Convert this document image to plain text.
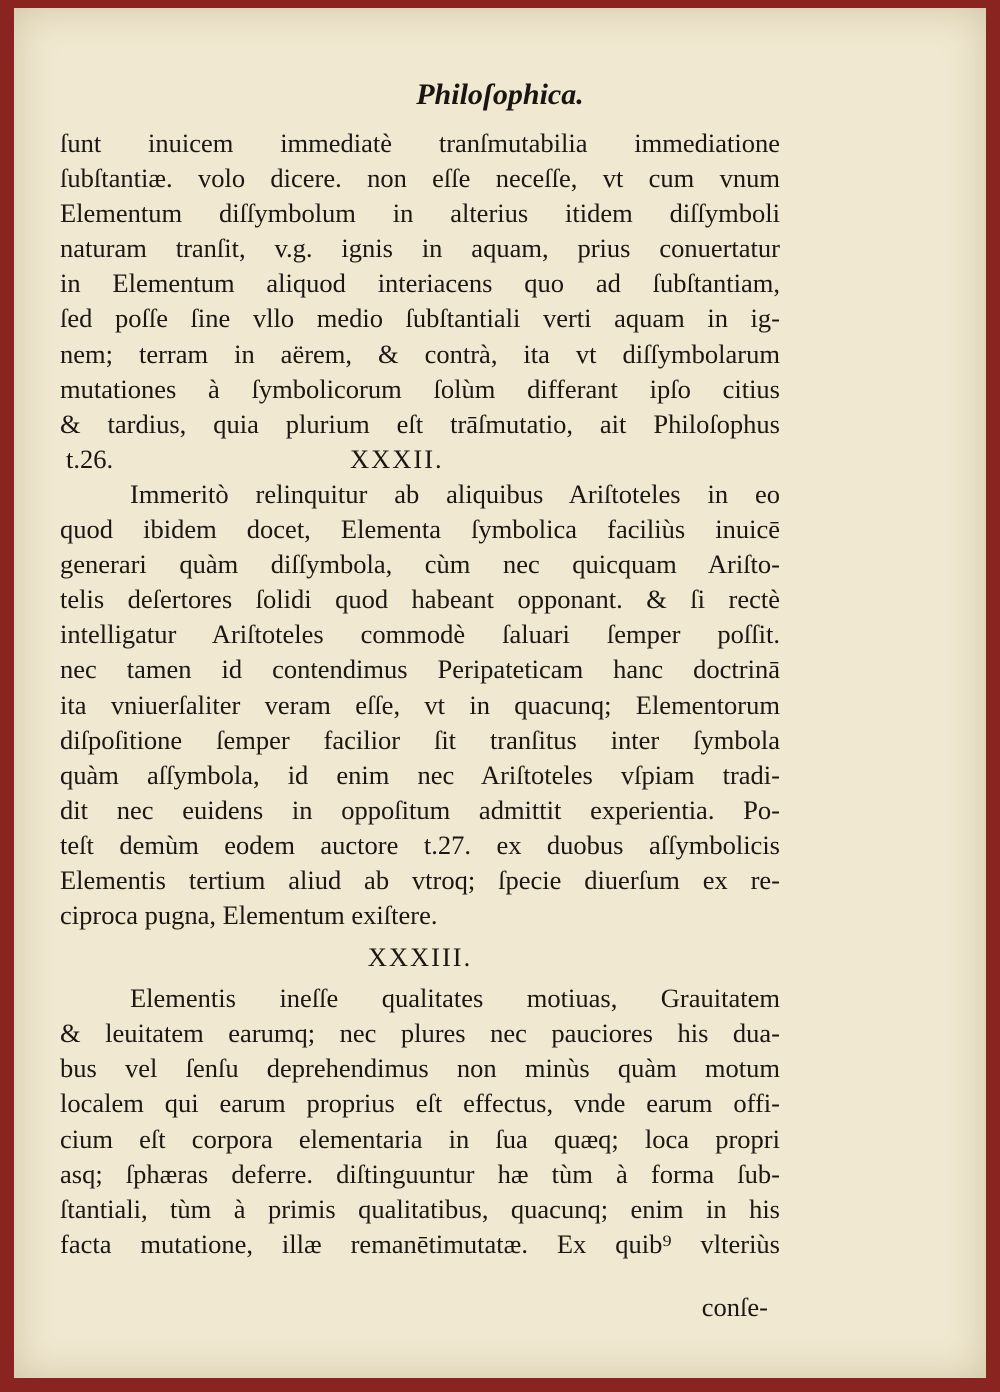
Philoſophica.
ſunt inuicem immediatè tranſmutabilia immediatione
ſubſtantiæ. volo dicere. non eſſe neceſſe, vt cum vnum
Elementum diſſymbolum in alterius itidem diſſymboli
naturam tranſit, v.g. ignis in aquam, prius conuertatur
in Elementum aliquod interiacens quo ad ſubſtantiam,
ſed poſſe ſine vllo medio ſubſtantiali verti aquam in ig-
nem; terram in aërem, & contrà, ita vt diſſymbolarum
mutationes à ſymbolicorum ſolùm differant ipſo citius
& tardius, quia plurium eſt trāſmutatio, ait Philoſophus
t.26.	XXXII.
Immeritò relinquitur ab aliquibus Ariſtoteles in eo
quod ibidem docet, Elementa ſymbolica faciliùs inuicē
generari quàm diſſymbola, cùm nec quicquam Ariſto-
telis deſertores ſolidi quod habeant opponant. & ſi rectè
intelligatur Ariſtoteles commodè ſaluari ſemper poſſit.
nec tamen id contendimus Peripateticam hanc doctrinā
ita vniuerſaliter veram eſſe, vt in quacunq; Elementorum
diſpoſitione ſemper facilior ſit tranſitus inter ſymbola
quàm aſſymbola, id enim nec Ariſtoteles vſpiam tradi-
dit nec euidens in oppoſitum admittit experientia. Po-
teſt demùm eodem auctore t.27. ex duobus aſſymbolicis
Elementis tertium aliud ab vtroq; ſpecie diuerſum ex re-
ciproca pugna, Elementum exiſtere.
XXXIII.
Elementis ineſſe qualitates motiuas, Grauitatem
& leuitatem earumq; nec plures nec pauciores his dua-
bus vel ſenſu deprehendimus non minùs quàm motum
localem qui earum proprius eſt effectus, vnde earum offi-
cium eſt corpora elementaria in ſua quæq; loca propri
asq; ſphæras deferre. diſtinguuntur hæ tùm à forma ſub-
ſtantiali, tùm à primis qualitatibus, quacunq; enim in his
facta mutatione, illæ remanētimutatæ. Ex quib⁹ vlteriùs
conſe-
